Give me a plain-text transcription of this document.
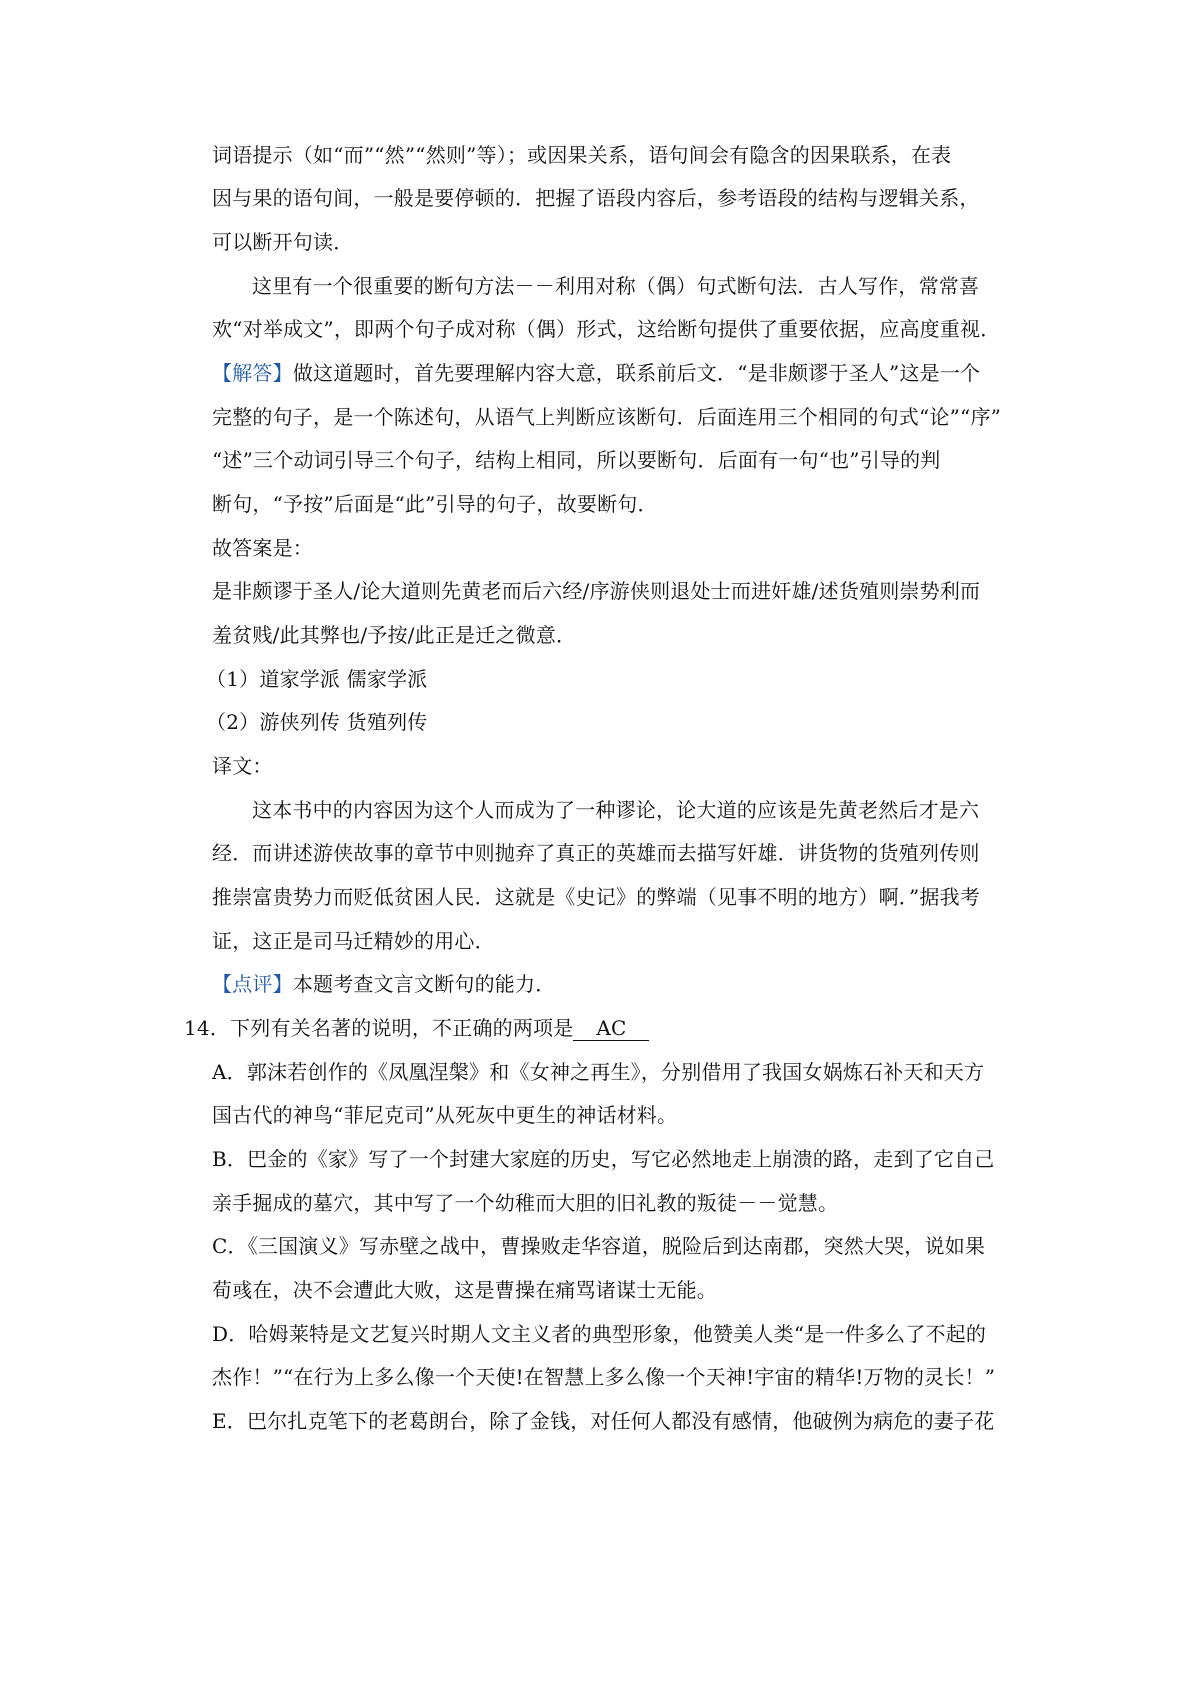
词语提示（如“而”“然”“然则”等）；或因果关系，语句间会有隐含的因果联系，在表
因与果的语句间，一般是要停顿的．把握了语段内容后，参考语段的结构与逻辑关系，
可以断开句读．
这里有一个很重要的断句方法－－利用对称（偶）句式断句法．古人写作，常常喜
欢“对举成文”，即两个句子成对称（偶）形式，这给断句提供了重要依据，应高度重视．
【解答】做这道题时，首先要理解内容大意，联系前后文．“是非颇谬于圣人”这是一个
完整的句子，是一个陈述句，从语气上判断应该断句．后面连用三个相同的句式“论”“序”
“述”三个动词引导三个句子，结构上相同，所以要断句．后面有一句“也”引导的判
断句，“予按”后面是“此”引导的句子，故要断句．
故答案是：
是非颇谬于圣人/论大道则先黄老而后六经/序游侠则退处士而进奸雄/述货殖则崇势利而
羞贫贱/此其弊也/予按/此正是迁之微意．
（1）道家学派 儒家学派
（2）游侠列传 货殖列传
译文：
这本书中的内容因为这个人而成为了一种谬论，论大道的应该是先黄老然后才是六
经．而讲述游侠故事的章节中则抛弃了真正的英雄而去描写奸雄．讲货物的货殖列传则
推崇富贵势力而贬低贫困人民．这就是《史记》的弊端（见事不明的地方）啊．”据我考
证，这正是司马迁精妙的用心．
【点评】本题考查文言文断句的能力．
14．下列有关名著的说明，不正确的两项是 AC
A．郭沫若创作的《凤凰涅槃》和《女神之再生》，分别借用了我国女娲炼石补天和天方
国古代的神鸟“菲尼克司”从死灰中更生的神话材料。
B．巴金的《家》写了一个封建大家庭的历史，写它必然地走上崩溃的路，走到了它自己
亲手掘成的墓穴，其中写了一个幼稚而大胆的旧礼教的叛徒－－觉慧。
C．《三国演义》写赤壁之战中，曹操败走华容道，脱险后到达南郡，突然大哭，说如果
荀彧在，决不会遭此大败，这是曹操在痛骂诸谋士无能。
D．哈姆莱特是文艺复兴时期人文主义者的典型形象，他赞美人类“是一件多么了不起的
杰作！”“在行为上多么像一个天使!在智慧上多么像一个天神!宇宙的精华!万物的灵长！”
E．巴尔扎克笔下的老葛朗台，除了金钱，对任何人都没有感情，他破例为病危的妻子花
